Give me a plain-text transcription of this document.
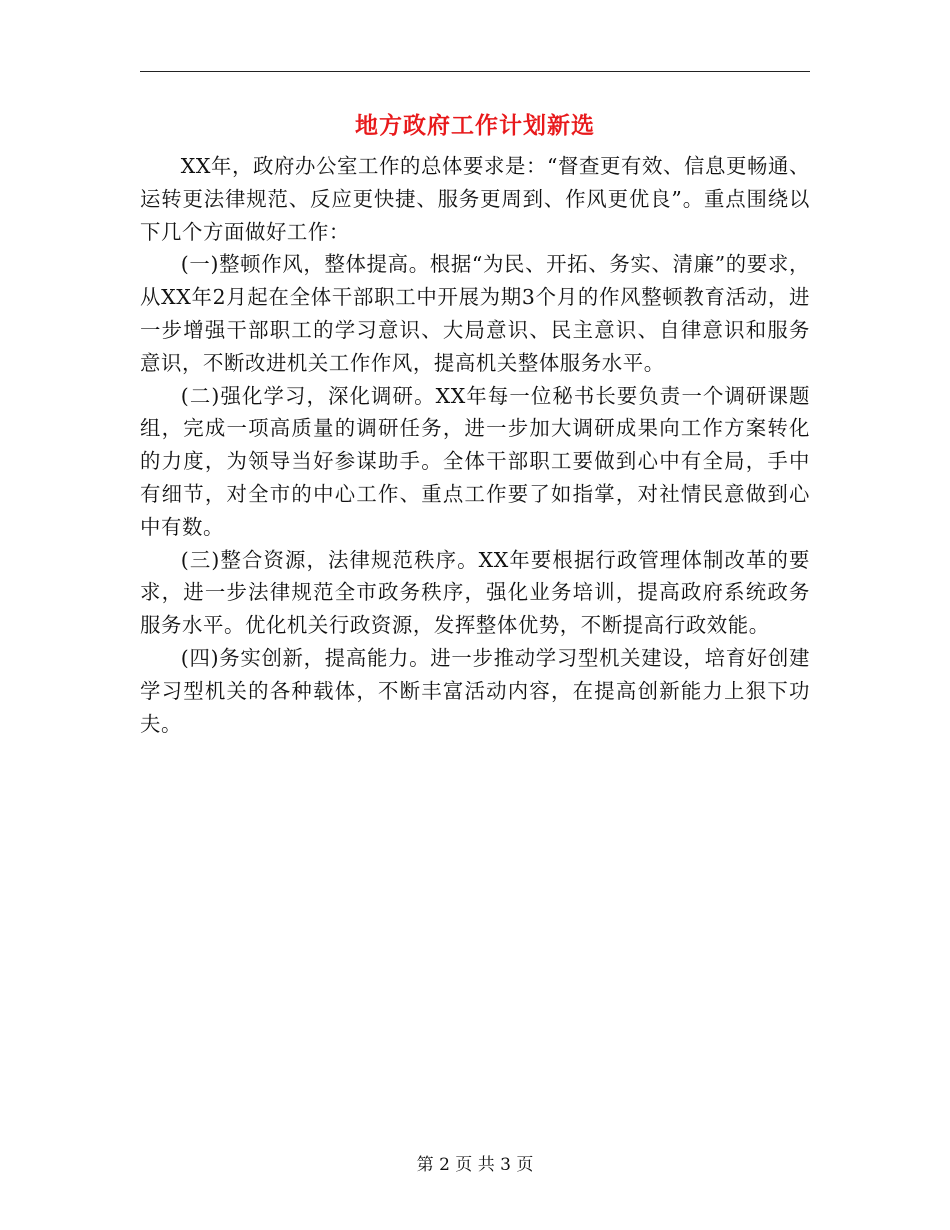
地方政府工作计划新选

XX年，政府办公室工作的总体要求是：“督查更有效、信息更畅通、运转更法律规范、反应更快捷、服务更周到、作风更优良”。重点围绕以下几个方面做好工作：

(一)整顿作风，整体提高。根据“为民、开拓、务实、清廉”的要求，从XX年2月起在全体干部职工中开展为期3个月的作风整顿教育活动，进一步增强干部职工的学习意识、大局意识、民主意识、自律意识和服务意识，不断改进机关工作作风，提高机关整体服务水平。

(二)强化学习，深化调研。XX年每一位秘书长要负责一个调研课题组，完成一项高质量的调研任务，进一步加大调研成果向工作方案转化的力度，为领导当好参谋助手。全体干部职工要做到心中有全局，手中有细节，对全市的中心工作、重点工作要了如指掌，对社情民意做到心中有数。

(三)整合资源，法律规范秩序。XX年要根据行政管理体制改革的要求，进一步法律规范全市政务秩序，强化业务培训，提高政府系统政务服务水平。优化机关行政资源，发挥整体优势，不断提高行政效能。

(四)务实创新，提高能力。进一步推动学习型机关建设，培育好创建学习型机关的各种载体，不断丰富活动内容，在提高创新能力上狠下功夫。

第 2 页 共 3 页
